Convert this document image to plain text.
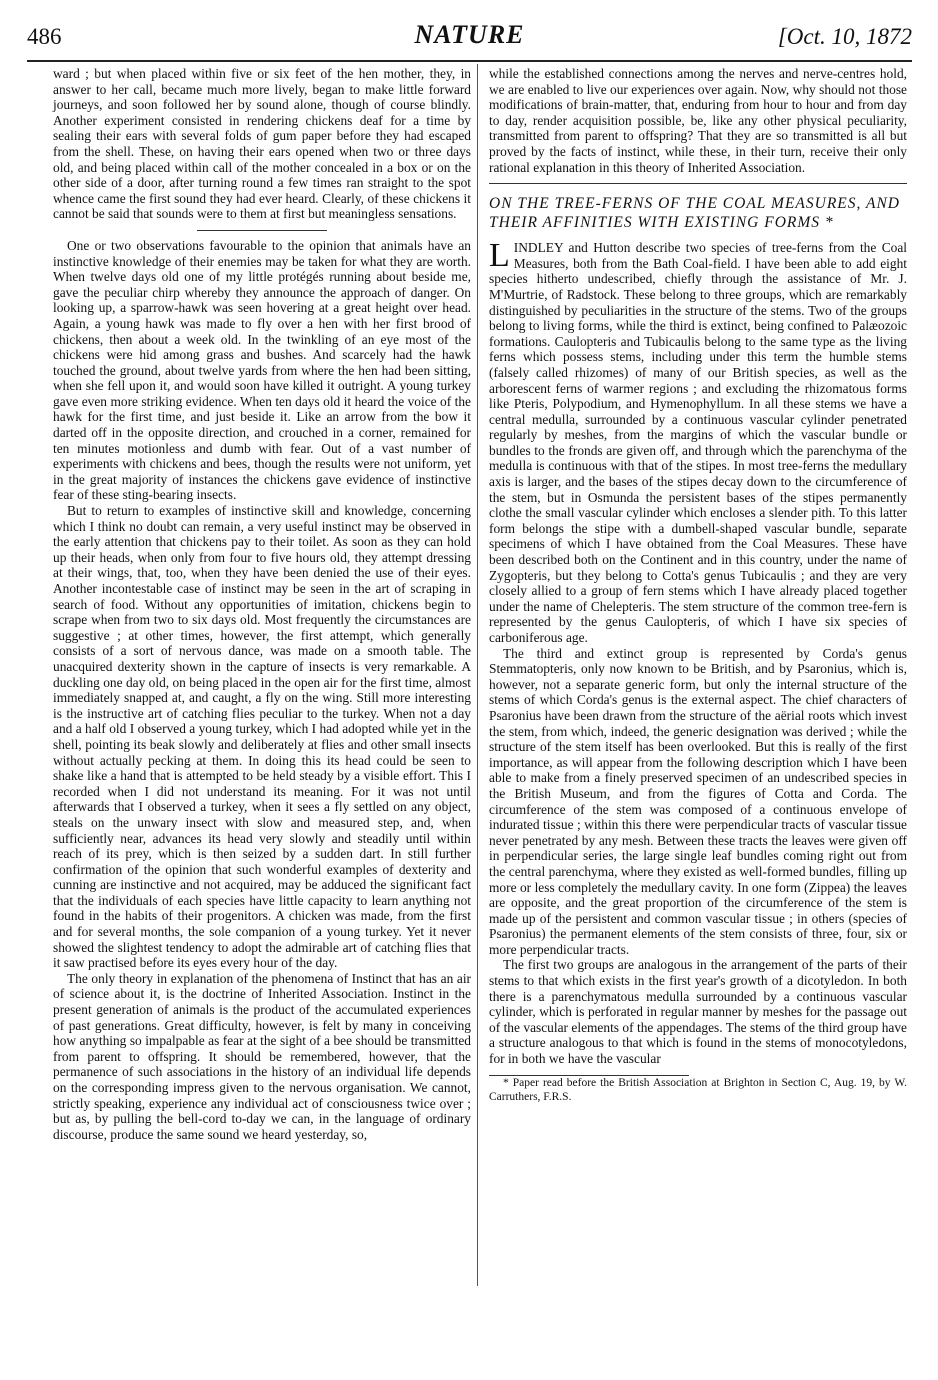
486	NATURE	[Oct. 10, 1872

ward ; but when placed within five or six feet of the hen mother, they, in answer to her call, became much more lively, began to make little forward journeys, and soon followed her by sound alone, though of course blindly. Another experiment consisted in rendering chickens deaf for a time by sealing their ears with several folds of gum paper before they had escaped from the shell. These, on having their ears opened when two or three days old, and being placed within call of the mother concealed in a box or on the other side of a door, after turning round a few times ran straight to the spot whence came the first sound they had ever heard. Clearly, of these chickens it cannot be said that sounds were to them at first but meaningless sensations.

One or two observations favourable to the opinion that animals have an instinctive knowledge of their enemies may be taken for what they are worth. When twelve days old one of my little protégés running about beside me, gave the peculiar chirp whereby they announce the approach of danger. On looking up, a sparrow-hawk was seen hovering at a great height over head. Again, a young hawk was made to fly over a hen with her first brood of chickens, then about a week old. In the twinkling of an eye most of the chickens were hid among grass and bushes. And scarcely had the hawk touched the ground, about twelve yards from where the hen had been sitting, when she fell upon it, and would soon have killed it outright. A young turkey gave even more striking evidence. When ten days old it heard the voice of the hawk for the first time, and just beside it. Like an arrow from the bow it darted off in the opposite direction, and crouched in a corner, remained for ten minutes motionless and dumb with fear. Out of a vast number of experiments with chickens and bees, though the results were not uniform, yet in the great majority of instances the chickens gave evidence of instinctive fear of these sting-bearing insects.

But to return to examples of instinctive skill and knowledge, concerning which I think no doubt can remain, a very useful instinct may be observed in the early attention that chickens pay to their toilet. As soon as they can hold up their heads, when only from four to five hours old, they attempt dressing at their wings, that, too, when they have been denied the use of their eyes. Another incontestable case of instinct may be seen in the art of scraping in search of food. Without any opportunities of imitation, chickens begin to scrape when from two to six days old. Most frequently the circumstances are suggestive ; at other times, however, the first attempt, which generally consists of a sort of nervous dance, was made on a smooth table. The unacquired dexterity shown in the capture of insects is very remarkable. A duckling one day old, on being placed in the open air for the first time, almost immediately snapped at, and caught, a fly on the wing. Still more interesting is the instructive art of catching flies peculiar to the turkey. When not a day and a half old I observed a young turkey, which I had adopted while yet in the shell, pointing its beak slowly and deliberately at flies and other small insects without actually pecking at them. In doing this its head could be seen to shake like a hand that is attempted to be held steady by a visible effort. This I recorded when I did not understand its meaning. For it was not until afterwards that I observed a turkey, when it sees a fly settled on any object, steals on the unwary insect with slow and measured step, and, when sufficiently near, advances its head very slowly and steadily until within reach of its prey, which is then seized by a sudden dart. In still further confirmation of the opinion that such wonderful examples of dexterity and cunning are instinctive and not acquired, may be adduced the significant fact that the individuals of each species have little capacity to learn anything not found in the habits of their progenitors. A chicken was made, from the first and for several months, the sole companion of a young turkey. Yet it never showed the slightest tendency to adopt the admirable art of catching flies that it saw practised before its eyes every hour of the day.

The only theory in explanation of the phenomena of Instinct that has an air of science about it, is the doctrine of Inherited Association. Instinct in the present generation of animals is the product of the accumulated experiences of past generations. Great difficulty, however, is felt by many in conceiving how anything so impalpable as fear at the sight of a bee should be transmitted from parent to offspring. It should be remembered, however, that the permanence of such associations in the history of an individual life depends on the corresponding impress given to the nervous organisation. We cannot, strictly speaking, experience any individual act of consciousness twice over ; but as, by pulling the bell-cord to-day we can, in the language of ordinary discourse, produce the same sound we heard yesterday, so,

while the established connections among the nerves and nerve-centres hold, we are enabled to live our experiences over again. Now, why should not those modifications of brain-matter, that, enduring from hour to hour and from day to day, render acquisition possible, be, like any other physical peculiarity, transmitted from parent to offspring? That they are so transmitted is all but proved by the facts of instinct, while these, in their turn, receive their only rational explanation in this theory of Inherited Association.

ON THE TREE-FERNS OF THE COAL MEASURES, AND THEIR AFFINITIES WITH EXISTING FORMS *

L INDLEY and Hutton describe two species of tree-ferns from the Coal Measures, both from the Bath Coal-field. I have been able to add eight species hitherto undescribed, chiefly through the assistance of Mr. J. M'Murtrie, of Radstock. These belong to three groups, which are remarkably distinguished by peculiarities in the structure of the stems. Two of the groups belong to living forms, while the third is extinct, being confined to Palæozoic formations. Caulopteris and Tubicaulis belong to the same type as the living ferns which possess stems, including under this term the humble stems (falsely called rhizomes) of many of our British species, as well as the arborescent ferns of warmer regions ; and excluding the rhizomatous forms like Pteris, Polypodium, and Hymenophyllum. In all these stems we have a central medulla, surrounded by a continuous vascular cylinder penetrated regularly by meshes, from the margins of which the vascular bundle or bundles to the fronds are given off, and through which the parenchyma of the medulla is continuous with that of the stipes. In most tree-ferns the medullary axis is larger, and the bases of the stipes decay down to the circumference of the stem, but in Osmunda the persistent bases of the stipes permanently clothe the small vascular cylinder which encloses a slender pith. To this latter form belongs the stipe with a dumbell-shaped vascular bundle, separate specimens of which I have obtained from the Coal Measures. These have been described both on the Continent and in this country, under the name of Zygopteris, but they belong to Cotta's genus Tubicaulis ; and they are very closely allied to a group of fern stems which I have already placed together under the name of Chelepteris. The stem structure of the common tree-fern is represented by the genus Caulopteris, of which I have six species of carboniferous age.

The third and extinct group is represented by Corda's genus Stemmatopteris, only now known to be British, and by Psaronius, which is, however, not a separate generic form, but only the internal structure of the stems of which Corda's genus is the external aspect. The chief characters of Psaronius have been drawn from the structure of the aërial roots which invest the stem, from which, indeed, the generic designation was derived ; while the structure of the stem itself has been overlooked. But this is really of the first importance, as will appear from the following description which I have been able to make from a finely preserved specimen of an undescribed species in the British Museum, and from the figures of Cotta and Corda. The circumference of the stem was composed of a continuous envelope of indurated tissue ; within this there were perpendicular tracts of vascular tissue never penetrated by any mesh. Between these tracts the leaves were given off in perpendicular series, the large single leaf bundles coming right out from the central parenchyma, where they existed as well-formed bundles, filling up more or less completely the medullary cavity. In one form (Zippea) the leaves are opposite, and the great proportion of the circumference of the stem is made up of the persistent and common vascular tissue ; in others (species of Psaronius) the permanent elements of the stem consists of three, four, six or more perpendicular tracts.

The first two groups are analogous in the arrangement of the parts of their stems to that which exists in the first year's growth of a dicotyledon. In both there is a parenchymatous medulla surrounded by a continuous vascular cylinder, which is perforated in regular manner by meshes for the passage out of the vascular elements of the appendages. The stems of the third group have a structure analogous to that which is found in the stems of monocotyledons, for in both we have the vascular

* Paper read before the British Association at Brighton in Section C, Aug. 19, by W. Carruthers, F.R.S.
